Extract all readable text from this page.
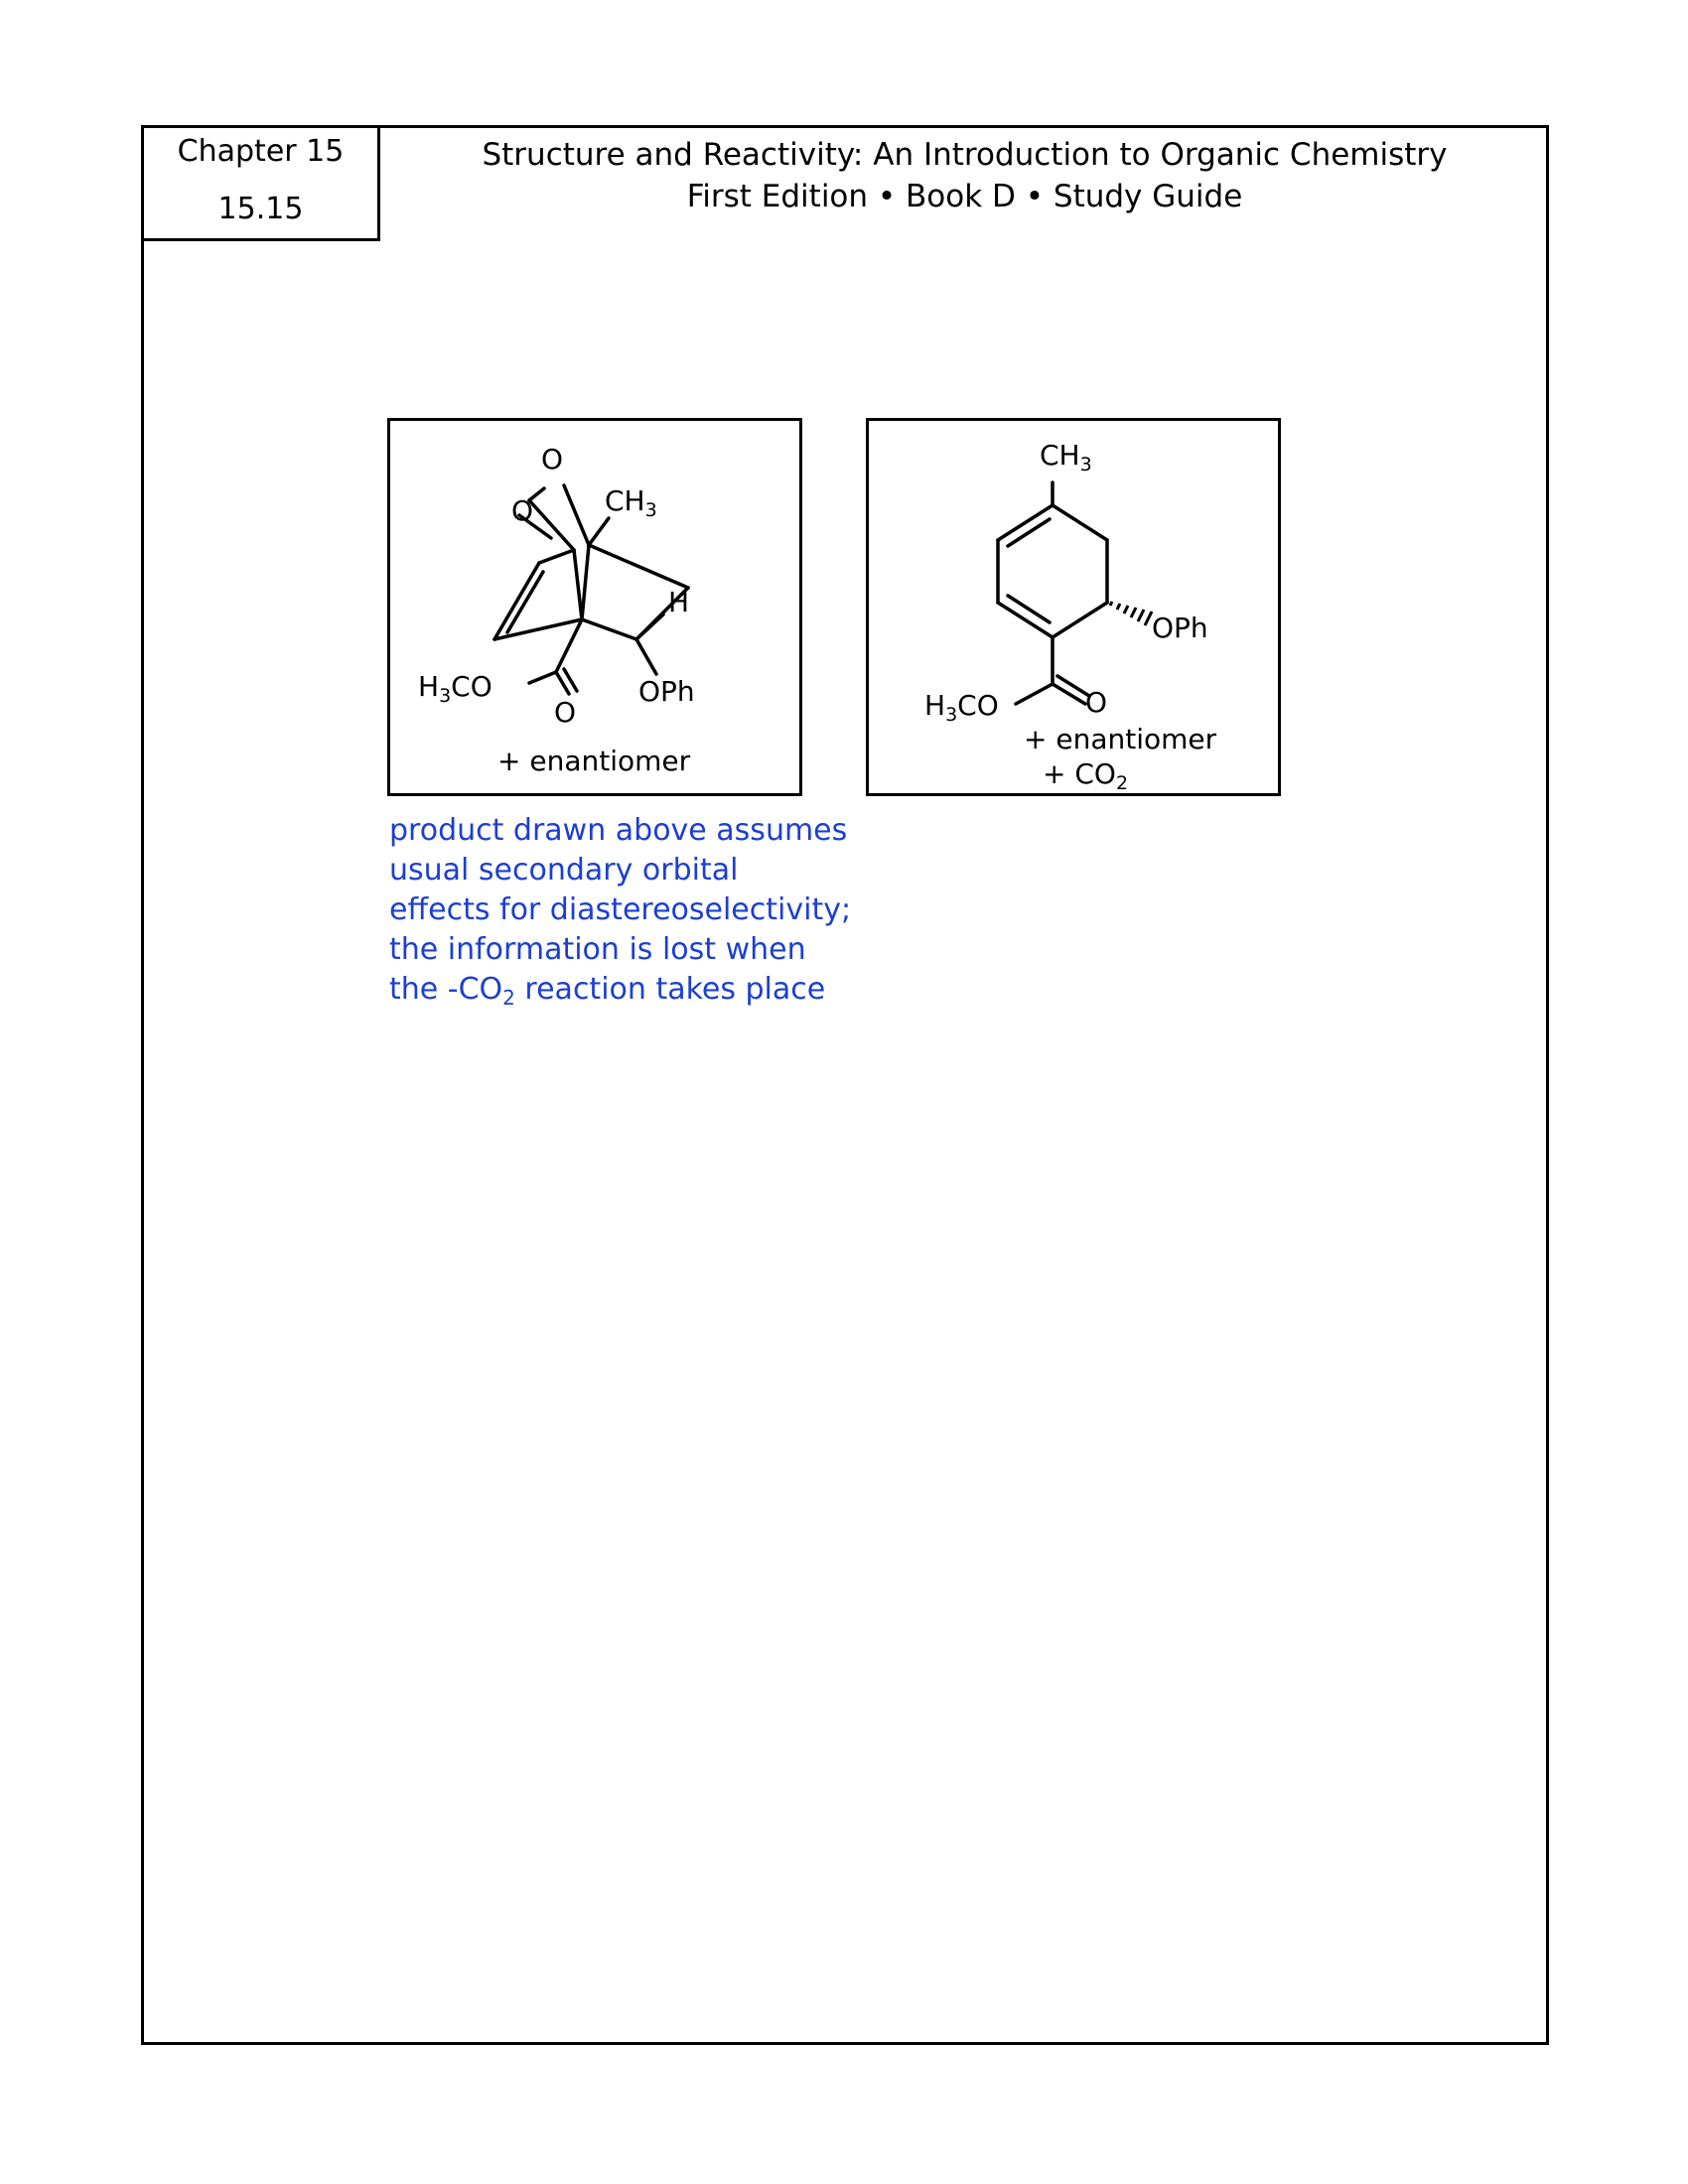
Chapter 15
15.15
Structure and Reactivity: An Introduction to Organic Chemistry
First Edition • Book D • Study Guide
O
O	$CH_3$
H
$H_3CO$
O
OPh
+ enantiomer
$CH_3$
OPh
$H_3CO$	O
+ enantiomer
+ $CO_2$
product drawn above assumes
usual secondary orbital
effects for diastereoselectivity;
the information is lost when
the $-CO_2$ reaction takes place
